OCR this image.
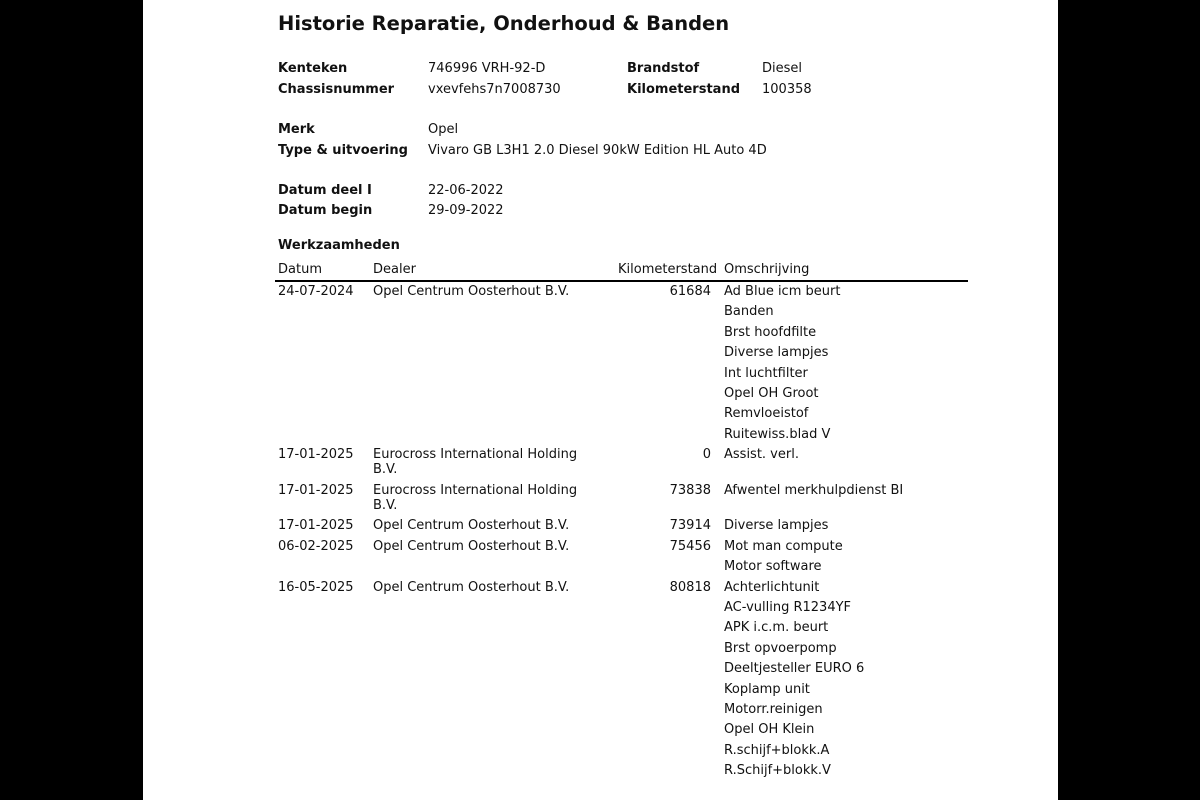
Historie Reparatie, Onderhoud & Banden
Kenteken	746996 VRH-92-D	Brandstof	Diesel
Chassisnummer	vxevfehs7n7008730	Kilometerstand 100358
Merk	Opel
Type & uitvoering Vivaro GB L3H1 2.0 Diesel 90kW Edition HL Auto 4D
Datum deel I	22-06-2022
Datum begin	29-09-2022
Werkzaamheden
Datum	Dealer	Kilometerstand Omschrijving
24-07-2024 Opel Centrum Oosterhout B.V.	61684 Ad Blue icm beurt
Banden
Brst hoofdfilte
Diverse lampjes
Int luchtfilter
Opel OH Groot
Remvloeistof
Ruitewiss.blad V
17-01-2025 Eurocross International Holding
B.V.
0 Assist. verl.
17-01-2025 Eurocross International Holding
B.V.
73838 Afwentel merkhulpdienst BI
17-01-2025 Opel Centrum Oosterhout B.V.	73914 Diverse lampjes
06-02-2025 Opel Centrum Oosterhout B.V.	75456 Mot man compute
Motor software
16-05-2025 Opel Centrum Oosterhout B.V.	80818 Achterlichtunit
AC-vulling R1234YF
APK i.c.m. beurt
Brst opvoerpomp
Deeltjesteller EURO 6
Koplamp unit
Motorr.reinigen
Opel OH Klein
R.schijf+blokk.A
R.Schijf+blokk.V
